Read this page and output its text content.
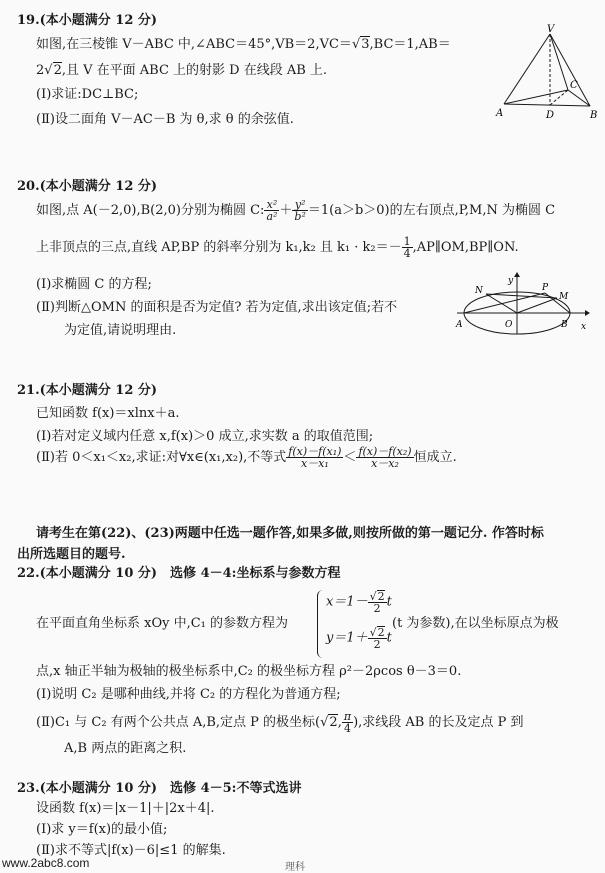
19.(本小题满分 12 分)
如图,在三棱锥 V－ABC 中,∠ABC＝45°,VB＝2,VC＝√3,BC＝1,AB＝
2√2,且 V 在平面 ABC 上的射影 D 在线段 AB 上.
(Ⅰ)求证:DC⊥BC;
(Ⅱ)设二面角 V－AC－B 为 θ,求 θ 的余弦值.
V
A	D	B
C
20.(本小题满分 12 分)
如图,点 A(－2,0),B(2,0)分别为椭圆 C: $\frac{\text{x²}}{\text{a²}} + \frac{\text{y²}}{\text{b²}} =1(a>b>0)$的左右顶点,P,M,N 为椭圆 C
上非顶点的三点,直线 AP,BP 的斜率分别为 k₁,k₂ 且 $k_1 \cdot k_2=- \frac{1}{4}$ ,AP∥OM,BP∥ON.
(Ⅰ)求椭圆 C 的方程;
(Ⅱ)判断△OMN 的面积是否为定值? 若为定值,求出该定值;若不
为定值,请说明理由.
y
x
N	P
M
A	O	B
21.(本小题满分 12 分)
已知函数 f(x)＝xlnx＋a.
(Ⅰ)若对定义域内任意 x,f(x)＞0 成立,求实数 a 的取值范围;
(Ⅱ)若 0＜x₁＜x₂,求证:对∀x∈(x₁,x₂),不等式 $\frac{\text{f(x)－f(x₁)}}{\text{x－x₁}} < \frac{\text{f(x)－f(x₂)}}{\text{x－x₂}}$ 恒成立.
请考生在第(22)、(23)两题中任选一题作答,如果多做,则按所做的第一题记分. 作答时标
出所选题目的题号.
22.(本小题满分 10 分)　选修 4－4:坐标系与参数方程
在平面直角坐标系 xOy 中,C₁ 的参数方程为
$x=1- \frac{√2}{2}$ t
$y=1+ \frac{√2}{2}$ t
(t 为参数),在以坐标原点为极
点,x 轴正半轴为极轴的极坐标系中,C₂ 的极坐标方程 ρ²－2ρcos θ－3＝0.
(Ⅰ)说明 C₂ 是哪种曲线,并将 C₂ 的方程化为普通方程;
(Ⅱ)C₁ 与 C₂ 有两个公共点 A,B,定点 P 的极坐标(√2, $\frac{\pi}{4}$ ),求线段 AB 的长及定点 P 到
A,B 两点的距离之积.
23.(本小题满分 10 分)　选修 4－5:不等式选讲
设函数 f(x)＝|x－1|＋|2x＋4|.
(Ⅰ)求 y＝f(x)的最小值;
(Ⅱ)求不等式|f(x)－6|≤1 的解集.
www.2abc8.com	理科
